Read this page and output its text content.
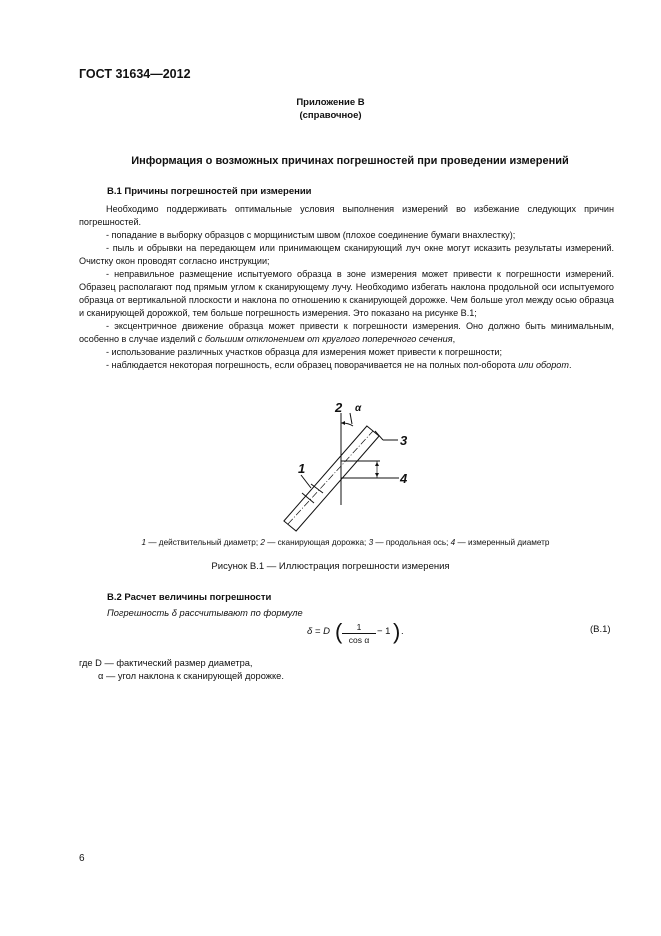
ГОСТ 31634—2012
Приложение В
(справочное)
Информация о возможных причинах погрешностей при проведении измерений
В.1 Причины погрешностей при измерении

Необходимо поддерживать оптимальные условия выполнения измерений во избежание следующих причин погрешностей.

- попадание в выборку образцов с морщинистым швом (плохое соединение бумаги внахлестку);

- пыль и обрывки на передающем или принимающем сканирующий луч окне могут исказить результаты измерений. Очистку окон проводят согласно инструкции;

- неправильное размещение испытуемого образца в зоне измерения может привести к погрешности измерений. Образец располагают под прямым углом к сканирующему лучу. Необходимо избегать наклона продольной оси испытуемого образца от вертикальной плоскости и наклона по отношению к сканирующей дорожке. Чем больше угол между осью образца и сканирующей дорожкой, тем больше погрешность измерения. Это показано на рисунке В.1;

- эксцентричное движение образца может привести к погрешности измерения. Оно должно быть минимальным, особенно в случае изделий с большим отклонением от круглого поперечного сечения,

- использование различных участков образца для измерения может привести к погрешности;

- наблюдается некоторая погрешность, если образец поворачивается не на полных пол-оборота или оборот.

2 α
3
4
1
1 — действительный диаметр; 2 — сканирующая дорожка; 3 — продольная ось; 4 — измеренный диаметр
Рисунок В.1 — Иллюстрация погрешности измерения
В.2 Расчет величины погрешности
Погрешность δ рассчитывают по формуле
δ = D ( $\frac{1}{\text{cos α}} - 1$ ) .	(В.1)
где D — фактический размер диаметра,
α — угол наклона к сканирующей дорожке.
6
